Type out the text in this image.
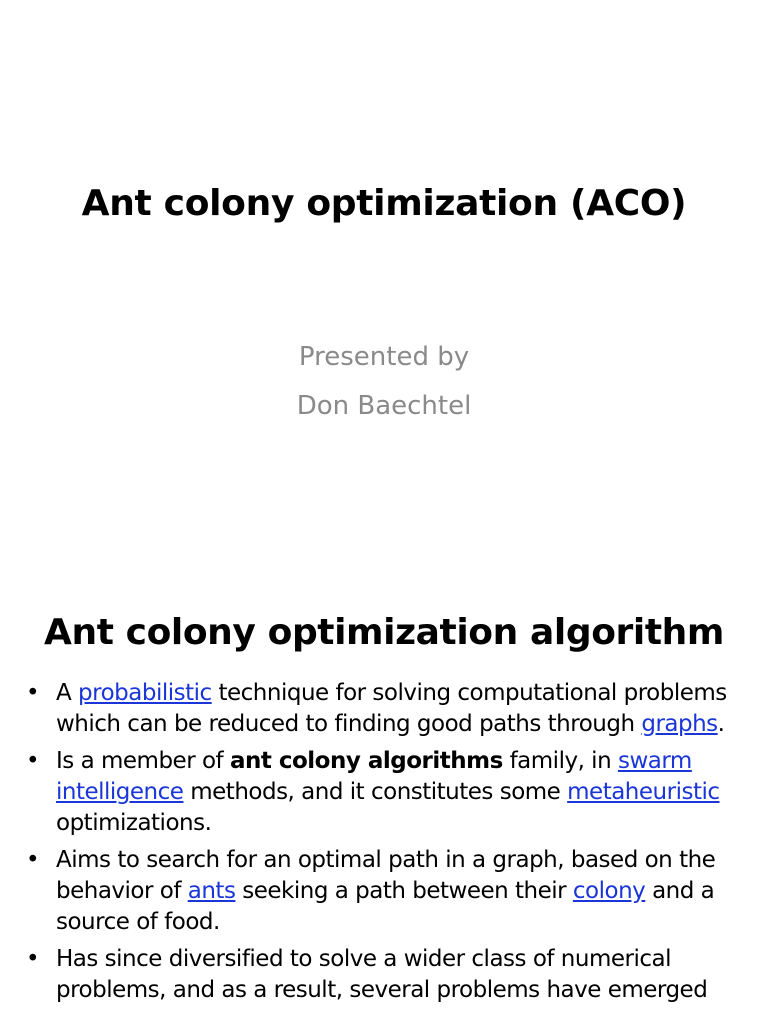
Ant colony optimization (ACO)
Presented by
Don Baechtel
Ant colony optimization algorithm
• A probabilistic technique for solving computational problems which can be reduced to finding good paths through graphs.
• Is a member of ant colony algorithms family, in swarm intelligence methods, and it constitutes some metaheuristic optimizations.
• Aims to search for an optimal path in a graph, based on the behavior of ants seeking a path between their colony and a source of food.
• Has since diversified to solve a wider class of numerical problems, and as a result, several problems have emerged
